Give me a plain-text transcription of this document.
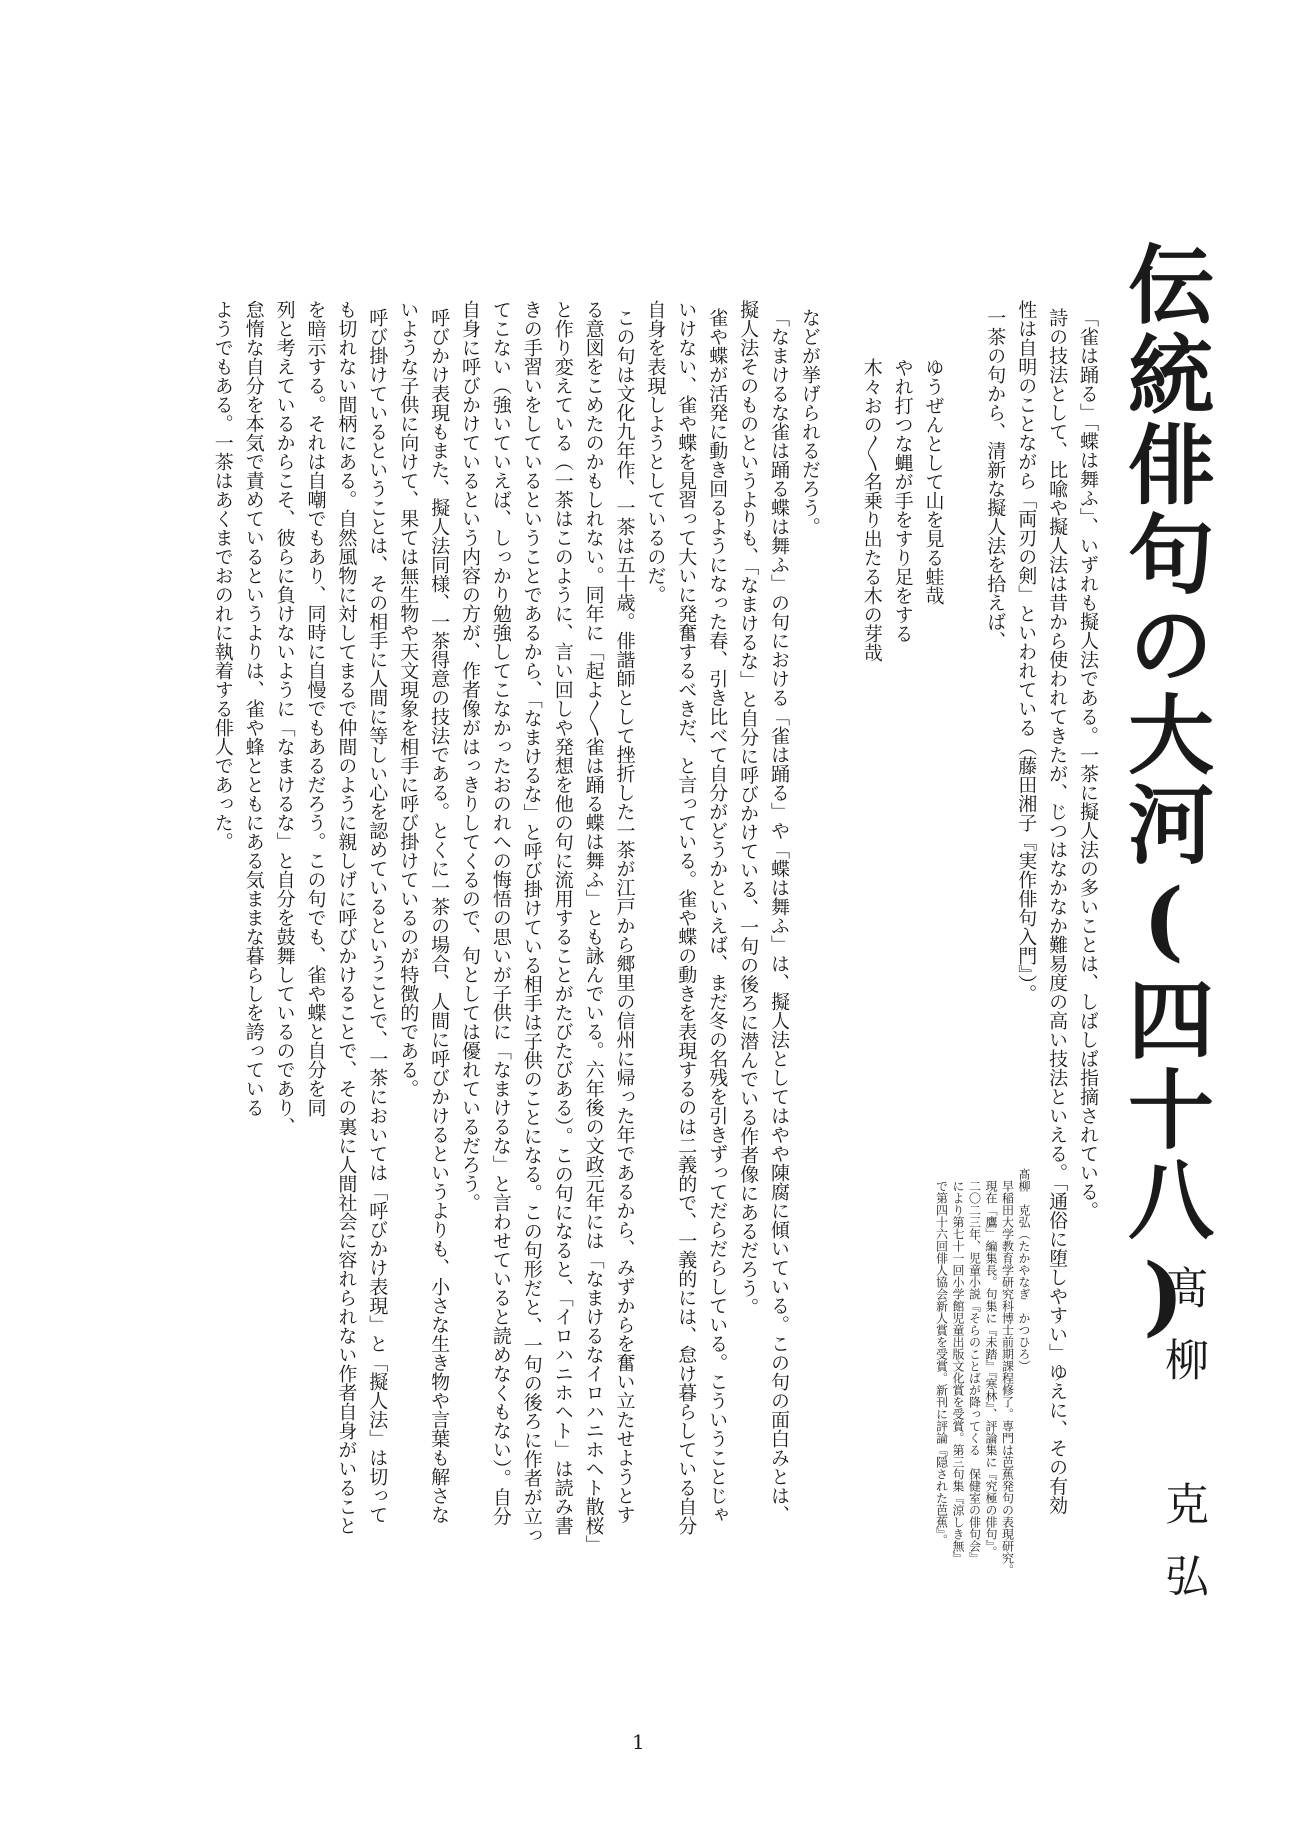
伝統俳句の大河(四十八)
髙柳　克弘
「雀は踊る」「蝶は舞ふ」、いずれも擬人法である。一茶に擬人法の多いことは、しばしば指摘されている。
詩の技法として、比喩や擬人法は昔から使われてきたが、じつはなかなか難易度の高い技法といえる。「通俗に堕しやすい」ゆえに、その有効
性は自明のことながら「両刃の剣」といわれている（藤田湘子『実作俳句入門』）。
一茶の句から、清新な擬人法を拾えば、
ゆうぜんとして山を見る蛙哉
やれ打つな蝿が手をすり足をする
木々おの〳〵名乗り出たる木の芽哉
などが挙げられるだろう。
「なまけるな雀は踊る蝶は舞ふ」の句における「雀は踊る」や「蝶は舞ふ」は、擬人法としてはやや陳腐に傾いている。この句の面白みとは、
擬人法そのものというよりも、「なまけるな」と自分に呼びかけている、一句の後ろに潜んでいる作者像にあるだろう。
雀や蝶が活発に動き回るようになった春、引き比べて自分がどうかといえば、まだ冬の名残を引きずってだらだらしている。こういうことじゃ
いけない、雀や蝶を見習って大いに発奮するべきだ、と言っている。雀や蝶の動きを表現するのは二義的で、一義的には、怠け暮らしている自分
自身を表現しようとしているのだ。
この句は文化九年作、一茶は五十歳。俳諧師として挫折した一茶が江戸から郷里の信州に帰った年であるから、みずからを奮い立たせようとす
る意図をこめたのかもしれない。同年に「起よ〳〵雀は踊る蝶は舞ふ」とも詠んでいる。六年後の文政元年には「なまけるなイロハニホヘト散桜」
と作り変えている（一茶はこのように、言い回しや発想を他の句に流用することがたびたびある）。この句になると、「イロハニホヘト」は読み書
きの手習いをしているということであるから、「なまけるな」と呼び掛けている相手は子供のことになる。この句形だと、一句の後ろに作者が立っ
てこない（強いていえば、しっかり勉強してこなかったおのれへの悔悟の思いが子供に「なまけるな」と言わせていると読めなくもない）。自分
自身に呼びかけているという内容の方が、作者像がはっきりしてくるので、句としては優れているだろう。
呼びかけ表現もまた、擬人法同様、一茶得意の技法である。とくに一茶の場合、人間に呼びかけるというよりも、小さな生き物や言葉も解さな
いような子供に向けて、果ては無生物や天文現象を相手に呼び掛けているのが特徴的である。
呼び掛けているということは、その相手に人間に等しい心を認めているということで、一茶においては「呼びかけ表現」と「擬人法」は切って
も切れない間柄にある。自然風物に対してまるで仲間のように親しげに呼びかけることで、その裏に人間社会に容れられない作者自身がいること
を暗示する。それは自嘲でもあり、同時に自慢でもあるだろう。この句でも、雀や蝶と自分を同
列と考えているからこそ、彼らに負けないように「なまけるな」と自分を鼓舞しているのであり、
怠惰な自分を本気で責めているというよりは、雀や蜂とともにある気ままな暮らしを誇っている
ようでもある。一茶はあくまでおのれに執着する俳人であった。
髙柳　克弘（たかやなぎ　かつひろ）
早稲田大学教育学研究科博士前期課程修了。専門は芭蕉発句の表現研究。
現在「鷹」編集長。句集に『未踏』『寒林』、評論集に『究極の俳句』。
二〇二三年、児童小説『そらのことばが降ってくる　保健室の俳句会』
により第七十一回小学館児童出版文化賞を受賞。第三句集『涼しき無』
で第四十六回俳人協会新人賞を受賞。新刊に評論『隠された芭蕉』。
1
